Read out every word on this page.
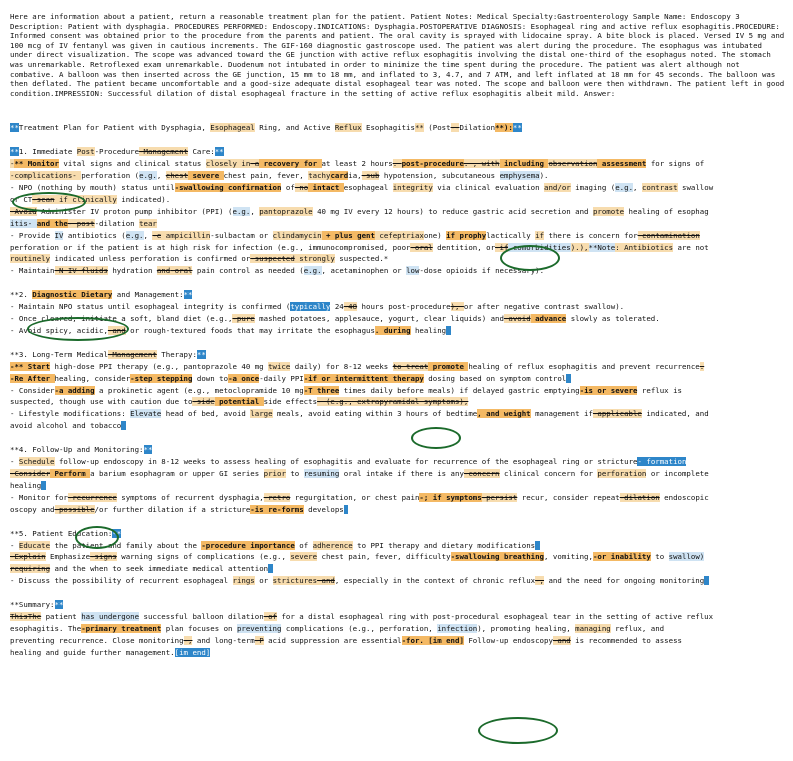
Here are information about a patient, return a reasonable treatment plan for the patient. Patient Notes: Medical Specialty:Gastroenterology Sample Name: Endoscopy 3 Description: Patient with dysphagia. PROCEDURES PERFORMED: Endoscopy.INDICATIONS: Dysphagia.POSTOPERATIVE DIAGNOSIS: Esophageal ring and active reflux esophagitis.PROCEDURE: Informed consent was obtained prior to the procedure from the parents and patient. The oral cavity is sprayed with lidocaine spray. A bite block is placed. Versed IV 5 mg and 100 mcg of IV fentanyl was given in cautious increments. The GIF-160 diagnostic gastroscope used. The patient was alert during the procedure. The esophagus was intubated under direct visualization. The scope was advanced toward the GE junction with active reflux esophagitis involving the distal one-third of the esophagus noted. The stomach was unremarkable. Retroflexed exam unremarkable. Duodenum not intubated in order to minimize the time spent during the procedure. The patient was alert although not combative. A balloon was then inserted across the GE junction, 15 mm to 18 mm, and inflated to 3, 4.7, and 7 ATM, and left inflated at 18 mm for 45 seconds. The balloon was then deflated. The patient became uncomfortable and a good-size adequate distal esophageal tear was noted. The scope and balloon were then withdrawn. The patient left in good condition.IMPRESSION: Successful dilation of distal esophageal fracture in the setting of active reflux esophagitis albeit mild. Answer:
**Treatment Plan for Patient with Dysphagia, Esophageal Ring, and Active Reflux Esophagitis** (Post--Dilation**):**
**1. Immediate Post-Procedure-Management Care:**
-** Monitor vital signs and clinical status closely in-a recovery for at least 2 hours. post-procedure. , with including observation assessment for signs of
-complications- perforation (e.g., chest severe chest pain, fever, tachycardia,-sub hypotension, subcutaneous emphysema).
- NPO (nothing by mouth) status until-swallowing confirmation of-no intact esophageal integrity via clinical evaluation and/or imaging (e.g., contrast swallow
or CT-scan if clinically indicated).
-Avoid Administer IV proton pump inhibitor (PPI) (e.g., pantoprazole 40 mg IV every 12 hours) to reduce gastric acid secretion and promote healing of esophag
itis- and the- post-dilation tear
- Provide IV antibiotics (e.g., -e ampicillin-sulbactam or clindamycin + plus gent cefeptriaxone) if prophylactically if there is concern for-contamination
perforation or if the patient is at high risk for infection (e.g., immunocompromised, poor-oral dentition, or-if comorbidities).),**Note: Antibiotics are not
routinely indicated unless perforation is confirmed or-suspected strongly suspected.*
- Maintain-N IV fluids hydration and-oral pain control as needed (e.g., acetaminophen or low-dose opioids if necessary).
**2. Diagnostic Dietary and Management:**
- Maintain NPO status until esophageal integrity is confirmed (typically 24-48 hours post-procedure), or after negative contrast swallow).
- Once cleared, initiate a soft, bland diet (e.g.,-pure mashed potatoes, applesauce, yogurt, clear liquids) and-avoid advance slowly as tolerated.
- Avoid spicy, acidic,-and or rough-textured foods that may irritate the esophagus. during healing
**3. Long-Term Medical-Management Therapy:**
-** Start high-dose PPI therapy (e.g., pantoprazole 40 mg twice daily) for 8-12 weeks to treat promote healing of reflux esophagitis and prevent recurrence.
-Re After healing, consider-step stepping down to-a once-daily PPI-if or intermittent therapy dosing based on symptom control
- Consider-a adding a prokinetic agent (e.g., metoclopramide 10 mg-T three times daily before meals) if delayed gastric emptying-is or severe reflux is
suspected, though use with caution due to-side potential side effects- (e.g., extrapyramidal symptoms),
- Lifestyle modifications: Elevate head of bed, avoid large meals, avoid eating within 3 hours of bedtime, and weight management if-applicable indicated, and
avoid alcohol and tobacco
**4. Follow-Up and Monitoring:**
- Schedule follow-up endoscopy in 8-12 weeks to assess healing of esophagitis and evaluate for recurrence of the esophageal ring or stricture- formation
-Consider Perform a barium esophagram or upper GI series prior to resuming oral intake if there is any-concern clinical concern for perforation or incomplete
healing
- Monitor for-recurrence symptoms of recurrent dysphagia,-retro regurgitation, or chest pain-; if symptoms-persist recur, consider repeat-dilation endoscopic
oscopy and-possible/or further dilation if a stricture-is re-forms develops
**5. Patient Education:**
- Educate the patient and family about the -procedure importance of adherence to PPI therapy and dietary modifications
-Explain Emphasize-signs warning signs of complications (e.g., severe chest pain, fever, difficulty-swallowing breathing, vomiting,-or inability to swallow)
requiring and the when to seek immediate medical attention
- Discuss the possibility of recurrent esophageal rings or strictures-and, especially in the context of chronic reflux-, and the need for ongoing monitoring
**Summary:**
ThisThe patient has undergone successful balloon dilation-of for a distal esophageal ring with post-procedural esophageal tear in the setting of active reflux
esophagitis. The-primary treatment plan focuses on preventing complications (e.g., perforation, infection), promoting healing, managing reflux, and
preventing recurrence. Close monitoring-, and long-term-P acid suppression are essential-for. [im end] Follow-up endoscopy-and is recommended to assess
healing and guide further management.[im end]
